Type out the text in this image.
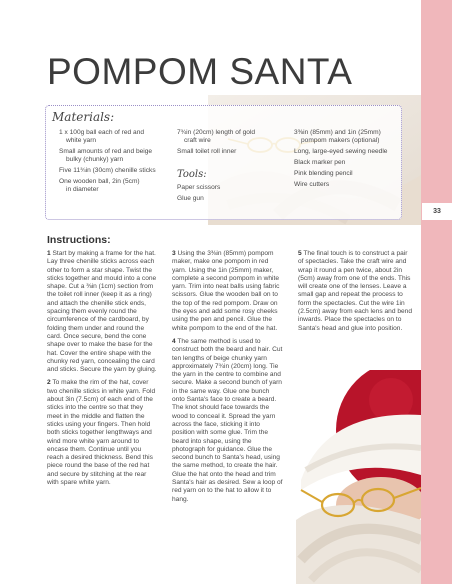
33
POMPOM SANTA
Materials:
1 x 100g ball each of red and
white yarn
Small amounts of red and beige
bulky (chunky) yarn
Five 11¾in (30cm) chenille sticks
One wooden ball, 2in (5cm)
in diameter
7¾in (20cm) length of gold
craft wire
Small toilet roll inner
Tools:
Paper scissors
Glue gun
3⅜in (85mm) and 1in (25mm)
pompom makers (optional)
Long, large-eyed sewing needle
Black marker pen
Pink blending pencil
Wire cutters
Instructions:

1 Start by making a frame for the hat. Lay three chenille sticks across each other to form a star shape. Twist the sticks together and mould into a cone shape. Cut a ⅜in (1cm) section from the toilet roll inner (keep it as a ring) and attach the chenille stick ends, spacing them evenly round the circumference of the cardboard, by folding them under and round the card. Once secure, bend the cone shape over to make the base for the hat. Cover the entire shape with the chunky red yarn, concealing the card and sticks. Secure the yarn by gluing.

2 To make the rim of the hat, cover two chenille sticks in white yarn. Fold about 3in (7.5cm) of each end of the sticks into the centre so that they meet in the middle and flatten the sticks using your fingers. Then hold both sticks together lengthways and wind more white yarn around to encase them. Continue until you reach a desired thickness. Bend this piece round the base of the red hat and secure by stitching at the rear with spare white yarn.

3 Using the 3⅜in (85mm) pompom maker, make one pompom in red yarn. Using the 1in (25mm) maker, complete a second pompom in white yarn. Trim into neat balls using fabric scissors. Glue the wooden ball on to the top of the red pompom. Draw on the eyes and add some rosy cheeks using the pen and pencil. Glue the white pompom to the end of the hat.

4 The same method is used to construct both the beard and hair. Cut ten lengths of beige chunky yarn approximately 7¾in (20cm) long. Tie the yarn in the centre to combine and secure. Make a second bunch of yarn in the same way. Glue one bunch onto Santa's face to create a beard. The knot should face towards the wood to conceal it. Spread the yarn across the face, sticking it into position with some glue. Trim the beard into shape, using the photograph for guidance. Glue the second bunch to Santa's head, using the same method, to create the hair. Glue the hat onto the head and trim Santa's hair as desired. Sew a loop of red yarn on to the hat to allow it to hang.

5 The final touch is to construct a pair of spectacles. Take the craft wire and wrap it round a pen twice, about 2in (5cm) away from one of the ends. This will create one of the lenses. Leave a small gap and repeat the process to form the spectacles. Cut the wire 1in (2.5cm) away from each lens and bend inwards. Place the spectacles on to Santa's head and glue into position.
